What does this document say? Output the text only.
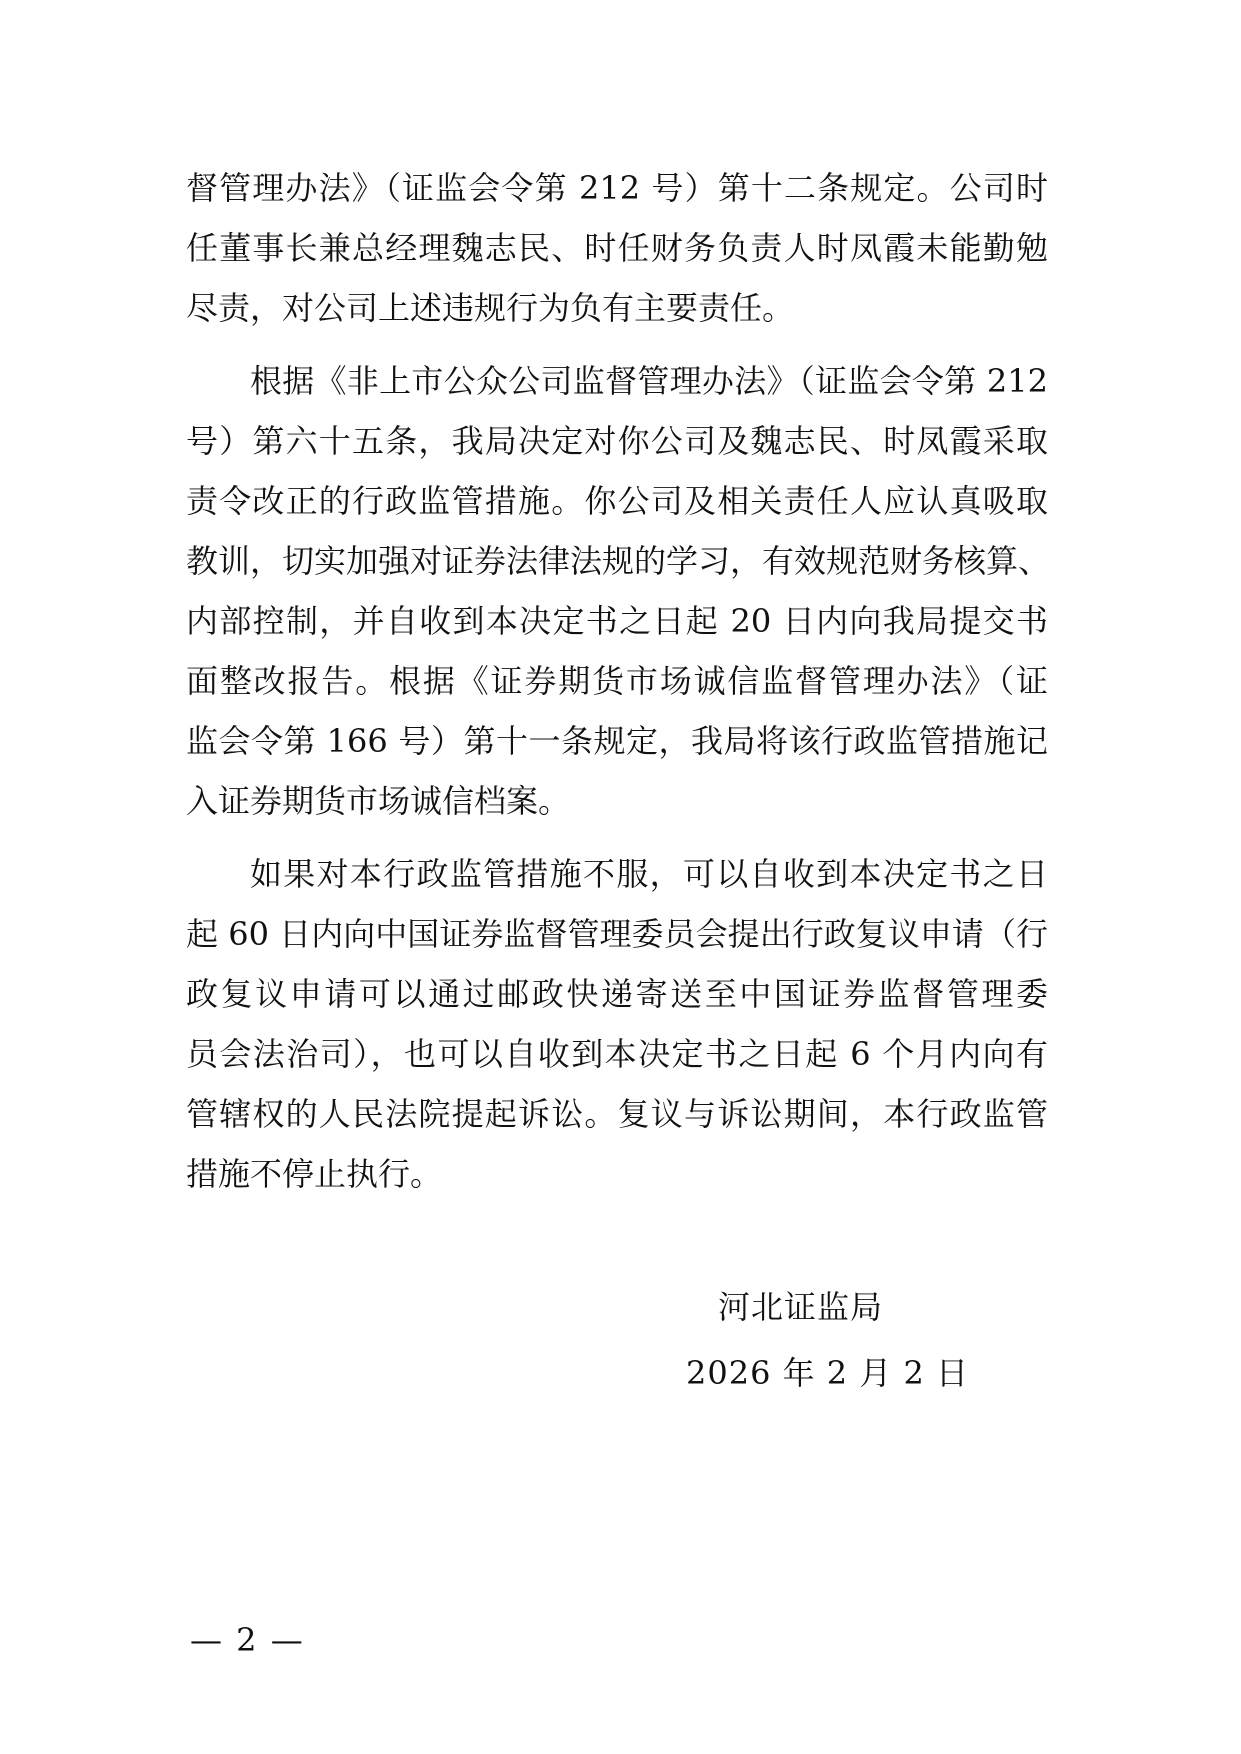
督管理办法》（证监会令第 212 号）第十二条规定。公司时
任董事长兼总经理魏志民、时任财务负责人时凤霞未能勤勉
尽责，对公司上述违规行为负有主要责任。
根据《非上市公众公司监督管理办法》（证监会令第 212
号）第六十五条，我局决定对你公司及魏志民、时凤霞采取
责令改正的行政监管措施。你公司及相关责任人应认真吸取
教训，切实加强对证券法律法规的学习，有效规范财务核算、
内部控制，并自收到本决定书之日起 20 日内向我局提交书
面整改报告。根据《证券期货市场诚信监督管理办法》（证
监会令第 166 号）第十一条规定，我局将该行政监管措施记
入证券期货市场诚信档案。
如果对本行政监管措施不服，可以自收到本决定书之日
起 60 日内向中国证券监督管理委员会提出行政复议申请（行
政复议申请可以通过邮政快递寄送至中国证券监督管理委
员会法治司），也可以自收到本决定书之日起 6 个月内向有
管辖权的人民法院提起诉讼。复议与诉讼期间，本行政监管
措施不停止执行。
河北证监局
2026 年 2 月 2 日
— 2 —
